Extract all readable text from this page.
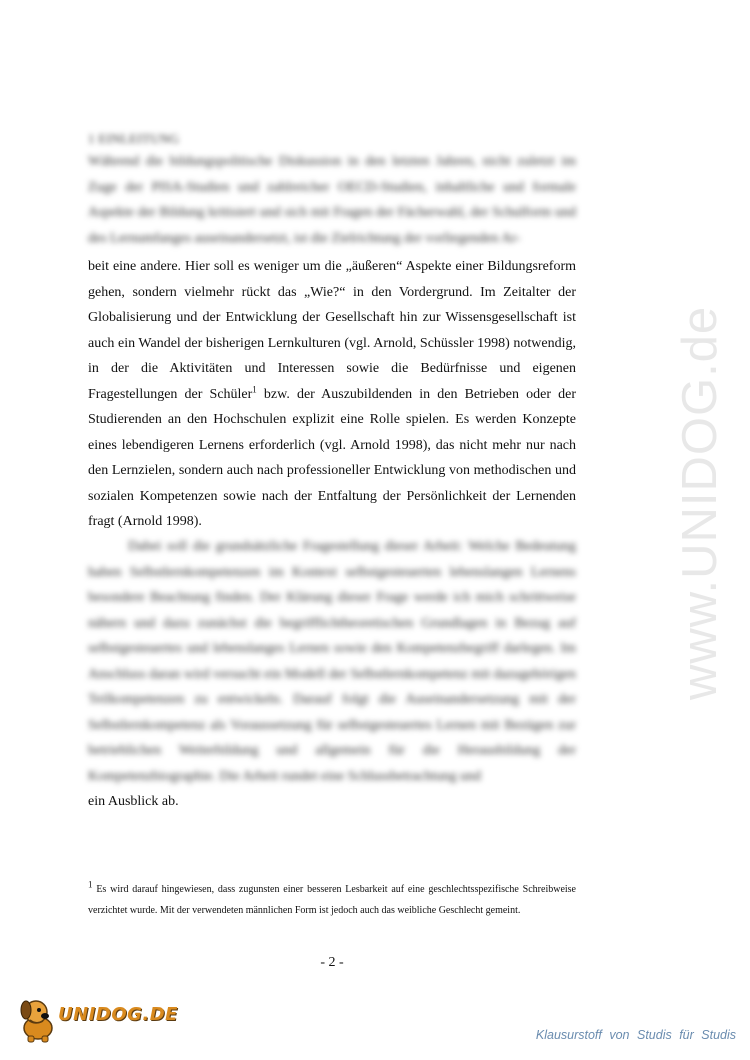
www.UNIDOG.de
1 EINLEITUNG

Während die bildungspolitische Diskussion in den letzten Jahren, nicht zuletzt im Zuge der PISA-Studien und zahlreicher OECD-Studien, inhaltliche und formale Aspekte der Bildung kritisiert und sich mit Fragen der Fächerwahl, der Schulform und des Lernumfanges auseinandersetzt, ist die Zielrichtung der vorliegenden Ar-

beit eine andere. Hier soll es weniger um die „äußeren“ Aspekte einer Bildungsreform gehen, sondern vielmehr rückt das „Wie?“ in den Vordergrund. Im Zeitalter der Globalisierung und der Entwicklung der Gesellschaft hin zur Wissensgesellschaft ist auch ein Wandel der bisherigen Lernkulturen (vgl. Arnold, Schüssler 1998) notwendig, in der die Aktivitäten und Interessen sowie die Bedürfnisse und eigenen Fragestellungen der Schüler$^1$ bzw. der Auszubildenden in den Betrieben oder der Studierenden an den Hochschulen explizit eine Rolle spielen. Es werden Konzepte eines lebendigeren Lernens erforderlich (vgl. Arnold 1998), das nicht mehr nur nach den Lernzielen, sondern auch nach professioneller Entwicklung von methodischen und sozialen Kompetenzen sowie nach der Entfaltung der Persönlichkeit der Lernenden fragt (Arnold 1998).

Dabei soll die grundsätzliche Fragestellung dieser Arbeit: Welche Bedeutung haben Selbstlernkompetenzen im Kontext selbstgesteuerten lebenslangen Lernens besondere Beachtung finden. Der Klärung dieser Frage werde ich mich schrittweise nähern und dazu zunächst die begrifflichtheoretischen Grundlagen in Bezug auf selbstgesteuertes und lebenslanges Lernen sowie den Kompetenzbegriff darlegen. Im Anschluss daran wird versucht ein Modell der Selbstlernkompetenz mit dazugehörigen Teilkompetenzen zu entwickeln. Darauf folgt die Auseinandersetzung mit der Selbstlernkompetenz als Voraussetzung für selbstgesteuertes Lernen mit Bezügen zur betrieblichen Weiterbildung und allgemein für die Herausbildung der Kompetenzbiographie. Die Arbeit rundet eine Schlussbetrachtung und

ein Ausblick ab.

1 Es wird darauf hingewiesen, dass zugunsten einer besseren Lesbarkeit auf eine geschlechtsspezifische Schreibweise verzichtet wurde. Mit der verwendeten männlichen Form ist jedoch auch das weibliche Geschlecht gemeint.
- 2 -
UNIDOG.DE
Klausurstoff von Studis für Studis
